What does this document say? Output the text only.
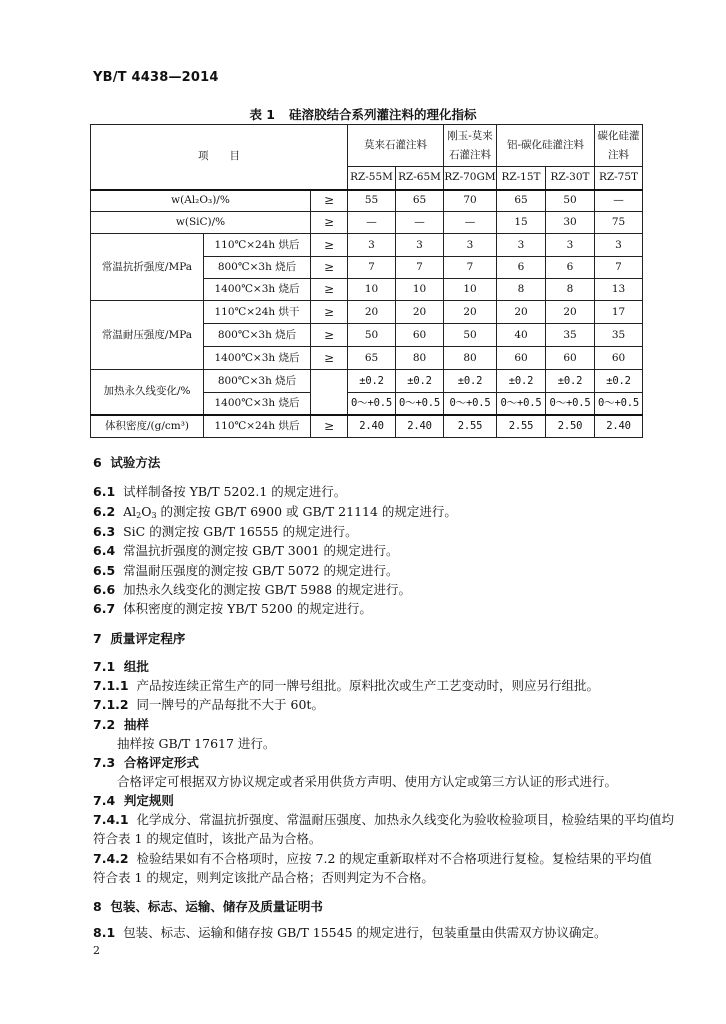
YB/T 4438—2014
表 1 硅溶胶结合系列灌注料的理化指标
项　　目			莫来石灌注料		刚玉-莫来石灌注料	铝-碳化硅灌注料		碳化硅灌注料
			RZ-55M	RZ-65M	RZ-70GM	RZ-15T	RZ-30T	RZ-75T
w(Al₂O₃)/%		≥	55	65	70	65	50	—
w(SiC)/%		≥	—	—	—	15	30	75
常温抗折强度/MPa	110℃×24h 烘后	≥	3	3	3	3	3	3
	800℃×3h 烧后	≥	7	7	7	6	6	7
	1400℃×3h 烧后	≥	10	10	10	8	8	13
常温耐压强度/MPa	110℃×24h 烘干	≥	20	20	20	20	20	17
	800℃×3h 烧后	≥	50	60	50	40	35	35
	1400℃×3h 烧后	≥	65	80	80	60	60	60
加热永久线变化/%	800℃×3h 烧后		±0.2	±0.2	±0.2	±0.2	±0.2	±0.2
	1400℃×3h 烧后		0～+0.5	0～+0.5	0～+0.5	0～+0.5	0～+0.5	0～+0.5
体积密度/(g/cm³)	110℃×24h 烘后	≥	2.40	2.40	2.55	2.55	2.50	2.40
6 试验方法
6.1 试样制备按 YB/T 5202.1 的规定进行。
6.2 $Al_2O_3$ 的测定按 GB/T 6900 或 GB/T 21114 的规定进行。
6.3 SiC 的测定按 GB/T 16555 的规定进行。
6.4 常温抗折强度的测定按 GB/T 3001 的规定进行。
6.5 常温耐压强度的测定按 GB/T 5072 的规定进行。
6.6 加热永久线变化的测定按 GB/T 5988 的规定进行。
6.7 体积密度的测定按 YB/T 5200 的规定进行。
7 质量评定程序
7.1 组批
7.1.1 产品按连续正常生产的同一牌号组批。原料批次或生产工艺变动时，则应另行组批。
7.1.2 同一牌号的产品每批不大于 60t。
7.2 抽样
抽样按 GB/T 17617 进行。
7.3 合格评定形式
合格评定可根据双方协议规定或者采用供货方声明、使用方认定或第三方认证的形式进行。
7.4 判定规则
7.4.1 化学成分、常温抗折强度、常温耐压强度、加热永久线变化为验收检验项目，检验结果的平均值均
符合表 1 的规定值时，该批产品为合格。
7.4.2 检验结果如有不合格项时，应按 7.2 的规定重新取样对不合格项进行复检。复检结果的平均值
符合表 1 的规定，则判定该批产品合格；否则判定为不合格。
8 包装、标志、运输、储存及质量证明书
8.1 包装、标志、运输和储存按 GB/T 15545 的规定进行，包装重量由供需双方协议确定。
2
